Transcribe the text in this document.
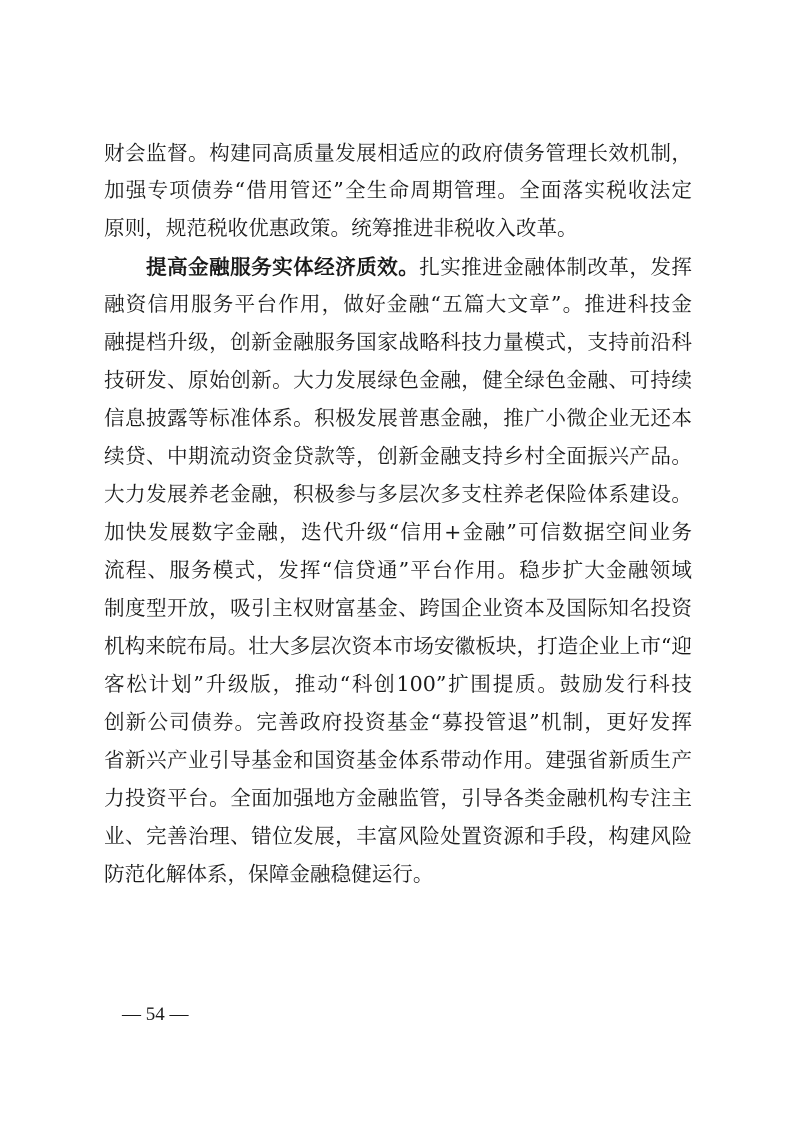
财会监督。构建同高质量发展相适应的政府债务管理长效机制，
加强专项债券“借用管还”全生命周期管理。全面落实税收法定
原则，规范税收优惠政策。统筹推进非税收入改革。
提高金融服务实体经济质效。扎实推进金融体制改革，发挥
融资信用服务平台作用，做好金融“五篇大文章”。推进科技金
融提档升级，创新金融服务国家战略科技力量模式，支持前沿科
技研发、原始创新。大力发展绿色金融，健全绿色金融、可持续
信息披露等标准体系。积极发展普惠金融，推广小微企业无还本
续贷、中期流动资金贷款等，创新金融支持乡村全面振兴产品。
大力发展养老金融，积极参与多层次多支柱养老保险体系建设。
加快发展数字金融，迭代升级“信用+金融”可信数据空间业务
流程、服务模式，发挥“信贷通”平台作用。稳步扩大金融领域
制度型开放，吸引主权财富基金、跨国企业资本及国际知名投资
机构来皖布局。壮大多层次资本市场安徽板块，打造企业上市“迎
客松计划”升级版，推动“科创100”扩围提质。鼓励发行科技
创新公司债券。完善政府投资基金“募投管退”机制，更好发挥
省新兴产业引导基金和国资基金体系带动作用。建强省新质生产
力投资平台。全面加强地方金融监管，引导各类金融机构专注主
业、完善治理、错位发展，丰富风险处置资源和手段，构建风险
防范化解体系，保障金融稳健运行。
— 54 —
